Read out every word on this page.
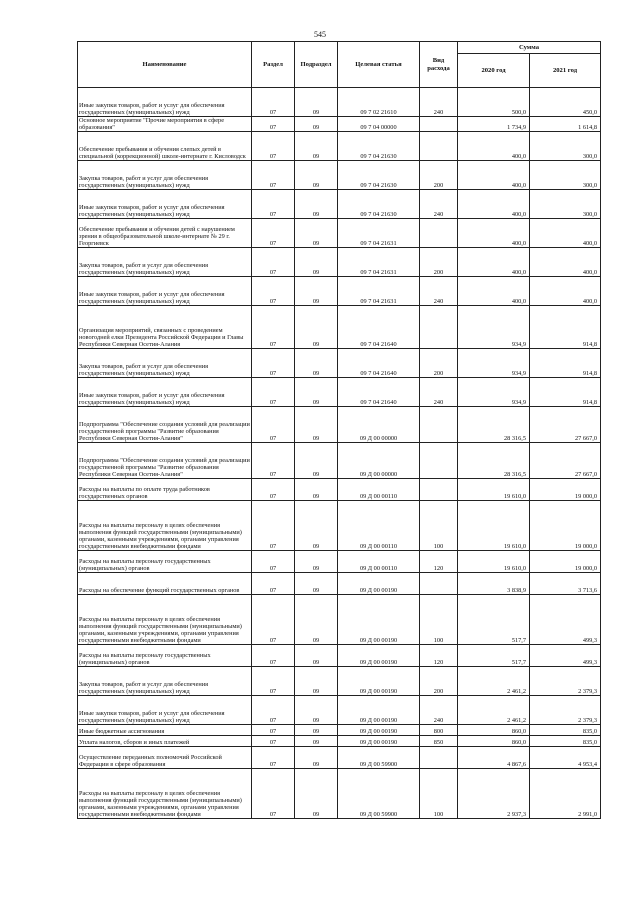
545
Наименование	Раздел	Подраздел	Целевая статья	Вид расхода	Сумма	
					2020 год	2021 год
Иные закупки товаров, работ и услуг для обеспечения государственных (муниципальных) нужд	07	09	09 7 02 21610	240	500,0	450,0
Основное мероприятие "Прочие мероприятия в сфере образования"	07	09	09 7 04 00000		1 734,9	1 614,8
Обеспечение пребывания и обучения слепых детей в специальной (коррекционной) школе-интернате г. Кисловодск	07	09	09 7 04 21630		400,0	300,0
Закупка товаров, работ и услуг для обеспечения государственных (муниципальных) нужд	07	09	09 7 04 21630	200	400,0	300,0
Иные закупки товаров, работ и услуг для обеспечения государственных (муниципальных) нужд	07	09	09 7 04 21630	240	400,0	300,0
Обеспечение пребывания и обучения детей с нарушением зрения в общеобразовательной школе-интернате № 29 г. Георгиевск	07	09	09 7 04 21631		400,0	400,0
Закупка товаров, работ и услуг для обеспечения государственных (муниципальных) нужд	07	09	09 7 04 21631	200	400,0	400,0
Иные закупки товаров, работ и услуг для обеспечения государственных (муниципальных) нужд	07	09	09 7 04 21631	240	400,0	400,0
Организация мероприятий, связанных с проведением новогодней елки Президента Российской Федерации и Главы Республики Северная Осетия-Алания	07	09	09 7 04 21640		934,9	914,8
Закупка товаров, работ и услуг для обеспечения государственных (муниципальных) нужд	07	09	09 7 04 21640	200	934,9	914,8
Иные закупки товаров, работ и услуг для обеспечения государственных (муниципальных) нужд	07	09	09 7 04 21640	240	934,9	914,8
Подпрограмма "Обеспечение создания условий для реализации государственной программы "Развитие образования Республики Северная Осетия-Алания"	07	09	09 Д 00 00000		28 316,5	27 667,0
Подпрограмма "Обеспечение создания условий для реализации государственной программы "Развитие образования Республики Северная Осетия-Алания"	07	09	09 Д 00 00000		28 316,5	27 667,0
Расходы на выплаты по оплате труда работников государственных органов	07	09	09 Д 00 00110		19 610,0	19 000,0
Расходы на выплаты персоналу в целях обеспечения выполнения функций государственными (муниципальными) органами, казенными учреждениями, органами управления государственными внебюджетными фондами	07	09	09 Д 00 00110	100	19 610,0	19 000,0
Расходы на выплаты персоналу государственных (муниципальных) органов	07	09	09 Д 00 00110	120	19 610,0	19 000,0
Расходы на обеспечение функций государственных органов	07	09	09 Д 00 00190		3 838,9	3 713,6
Расходы на выплаты персоналу в целях обеспечения выполнения функций государственными (муниципальными) органами, казенными учреждениями, органами управления государственными внебюджетными фондами	07	09	09 Д 00 00190	100	517,7	499,3
Расходы на выплаты персоналу государственных (муниципальных) органов	07	09	09 Д 00 00190	120	517,7	499,3
Закупка товаров, работ и услуг для обеспечения государственных (муниципальных) нужд	07	09	09 Д 00 00190	200	2 461,2	2 379,3
Иные закупки товаров, работ и услуг для обеспечения государственных (муниципальных) нужд	07	09	09 Д 00 00190	240	2 461,2	2 379,3
Иные бюджетные ассигнования	07	09	09 Д 00 00190	800	860,0	835,0
Уплата налогов, сборов и иных платежей	07	09	09 Д 00 00190	850	860,0	835,0
Осуществление переданных полномочий Российской Федерации в сфере образования	07	09	09 Д 00 59900		4 867,6	4 953,4
Расходы на выплаты персоналу в целях обеспечения выполнения функций государственными (муниципальными) органами, казенными учреждениями, органами управления государственными внебюджетными фондами	07	09	09 Д 00 59900	100	2 937,3	2 991,0
